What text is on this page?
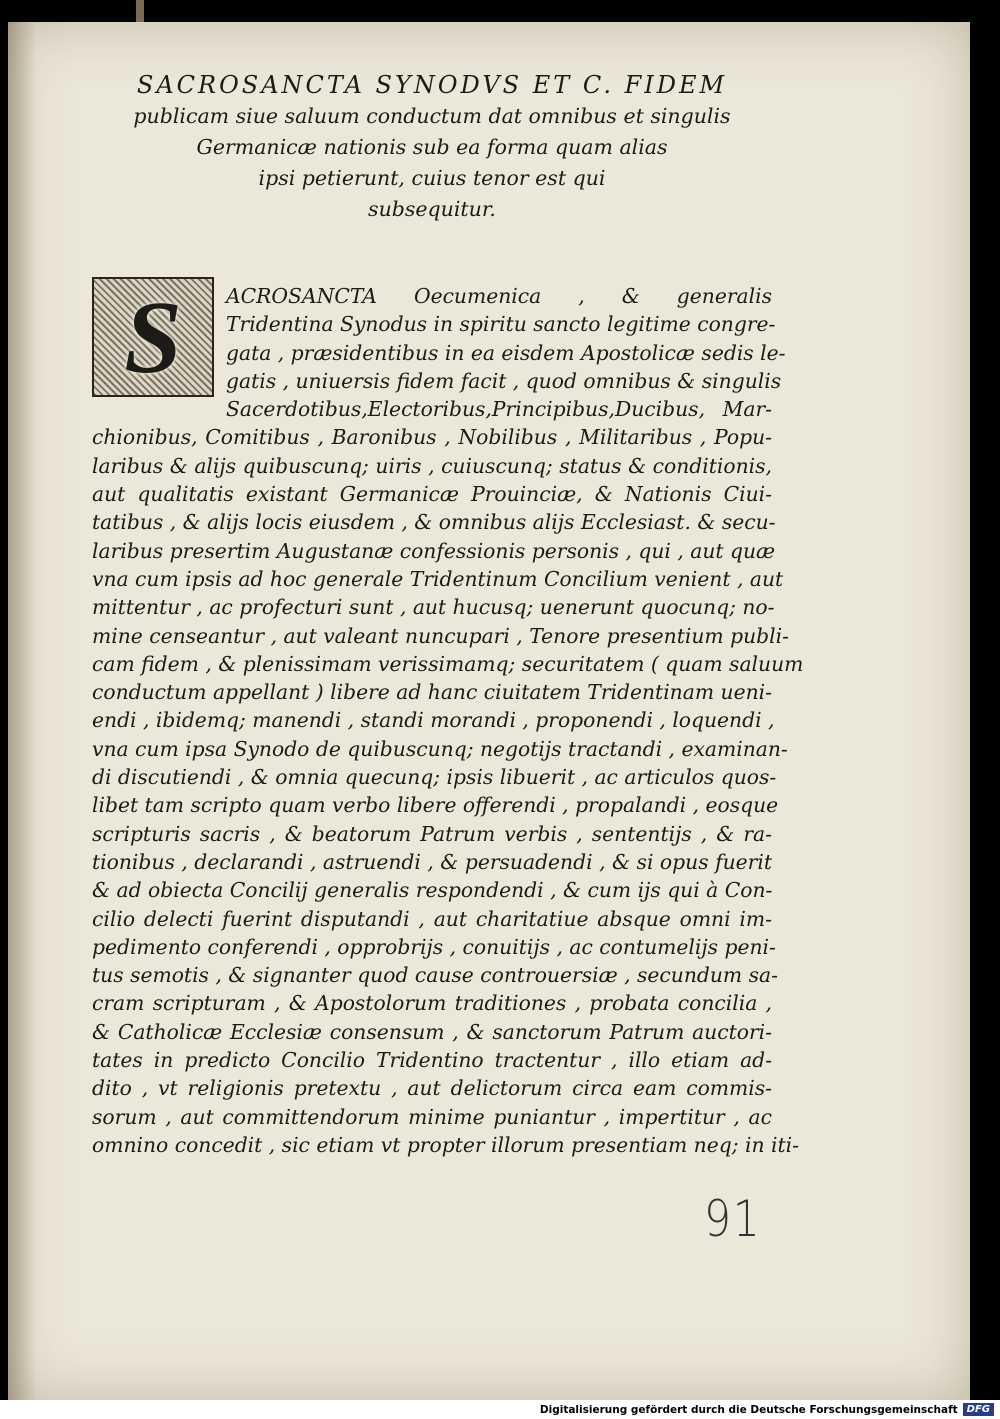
SACROSANCTA SYNODVS ET C. FIDEM
publicam siue saluum conductum dat omnibus et singulis
Germanicæ nationis sub ea forma quam alias
ipsi petierunt, cuius tenor est qui
subsequitur.
S	ACROSANCTA Oecumenica , & generalis
Tridentina Synodus in spiritu sancto legitime congre-
gata , præsidentibus in ea eisdem Apostolicæ sedis le-
gatis , uniuersis fidem facit , quod omnibus & singulis
Sacerdotibus,Electoribus,Principibus,Ducibus, Mar-
chionibus, Comitibus , Baronibus , Nobilibus , Militaribus , Popu-
laribus & alijs quibuscunq; uiris , cuiuscunq; status & conditionis,
aut qualitatis existant Germanicæ Prouinciæ, & Nationis Ciui-
tatibus , & alijs locis eiusdem , & omnibus alijs Ecclesiast. & secu-
laribus presertim Augustanæ confessionis personis , qui , aut quæ
vna cum ipsis ad hoc generale Tridentinum Concilium venient , aut
mittentur , ac profecturi sunt , aut hucusq; uenerunt quocunq; no-
mine censeantur , aut valeant nuncupari , Tenore presentium publi-
cam fidem , & plenissimam verissimamq; securitatem ( quam saluum
conductum appellant ) libere ad hanc ciuitatem Tridentinam ueni-
endi , ibidemq; manendi , standi morandi , proponendi , loquendi ,
vna cum ipsa Synodo de quibuscunq; negotijs tractandi , examinan-
di discutiendi , & omnia quecunq; ipsis libuerit , ac articulos quos-
libet tam scripto quam verbo libere offerendi , propalandi , eosque
scripturis sacris , & beatorum Patrum verbis , sententijs , & ra-
tionibus , declarandi , astruendi , & persuadendi , & si opus fuerit
& ad obiecta Concilij generalis respondendi , & cum ijs qui à Con-
cilio delecti fuerint disputandi , aut charitatiue absque omni im-
pedimento conferendi , opprobrijs , conuitijs , ac contumelijs peni-
tus semotis , & signanter quod cause controuersiæ , secundum sa-
cram scripturam , & Apostolorum traditiones , probata concilia ,
& Catholicæ Ecclesiæ consensum , & sanctorum Patrum auctori-
tates in predicto Concilio Tridentino tractentur , illo etiam ad-
dito , vt religionis pretextu , aut delictorum circa eam commis-
sorum , aut committendorum minime puniantur , impertitur , ac
omnino concedit , sic etiam vt propter illorum presentiam neq; in iti-
91
Digitalisierung gefördert durch die Deutsche Forschungsgemeinschaft DFG
